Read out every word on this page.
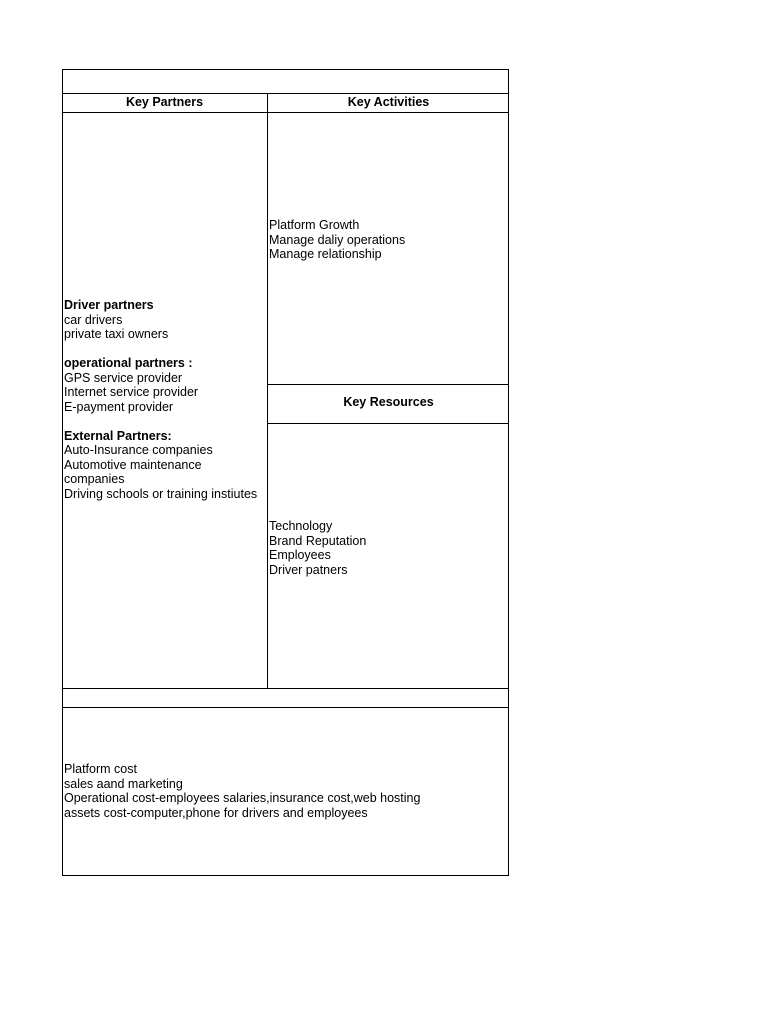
Key Partners	Key Activities
Key Resources
Driver partners
car drivers
private taxi owners
operational partners :
GPS service provider
Internet service provider
E-payment provider
External Partners:
Auto-Insurance companies
Automotive maintenance
companies
Driving schools or training instiutes
Platform Growth
Manage daliy operations
Manage relationship
Technology
Brand Reputation
Employees
Driver patners
Platform cost
sales aand marketing
Operational cost-employees salaries,insurance cost,web hosting
assets cost-computer,phone for drivers and employees
